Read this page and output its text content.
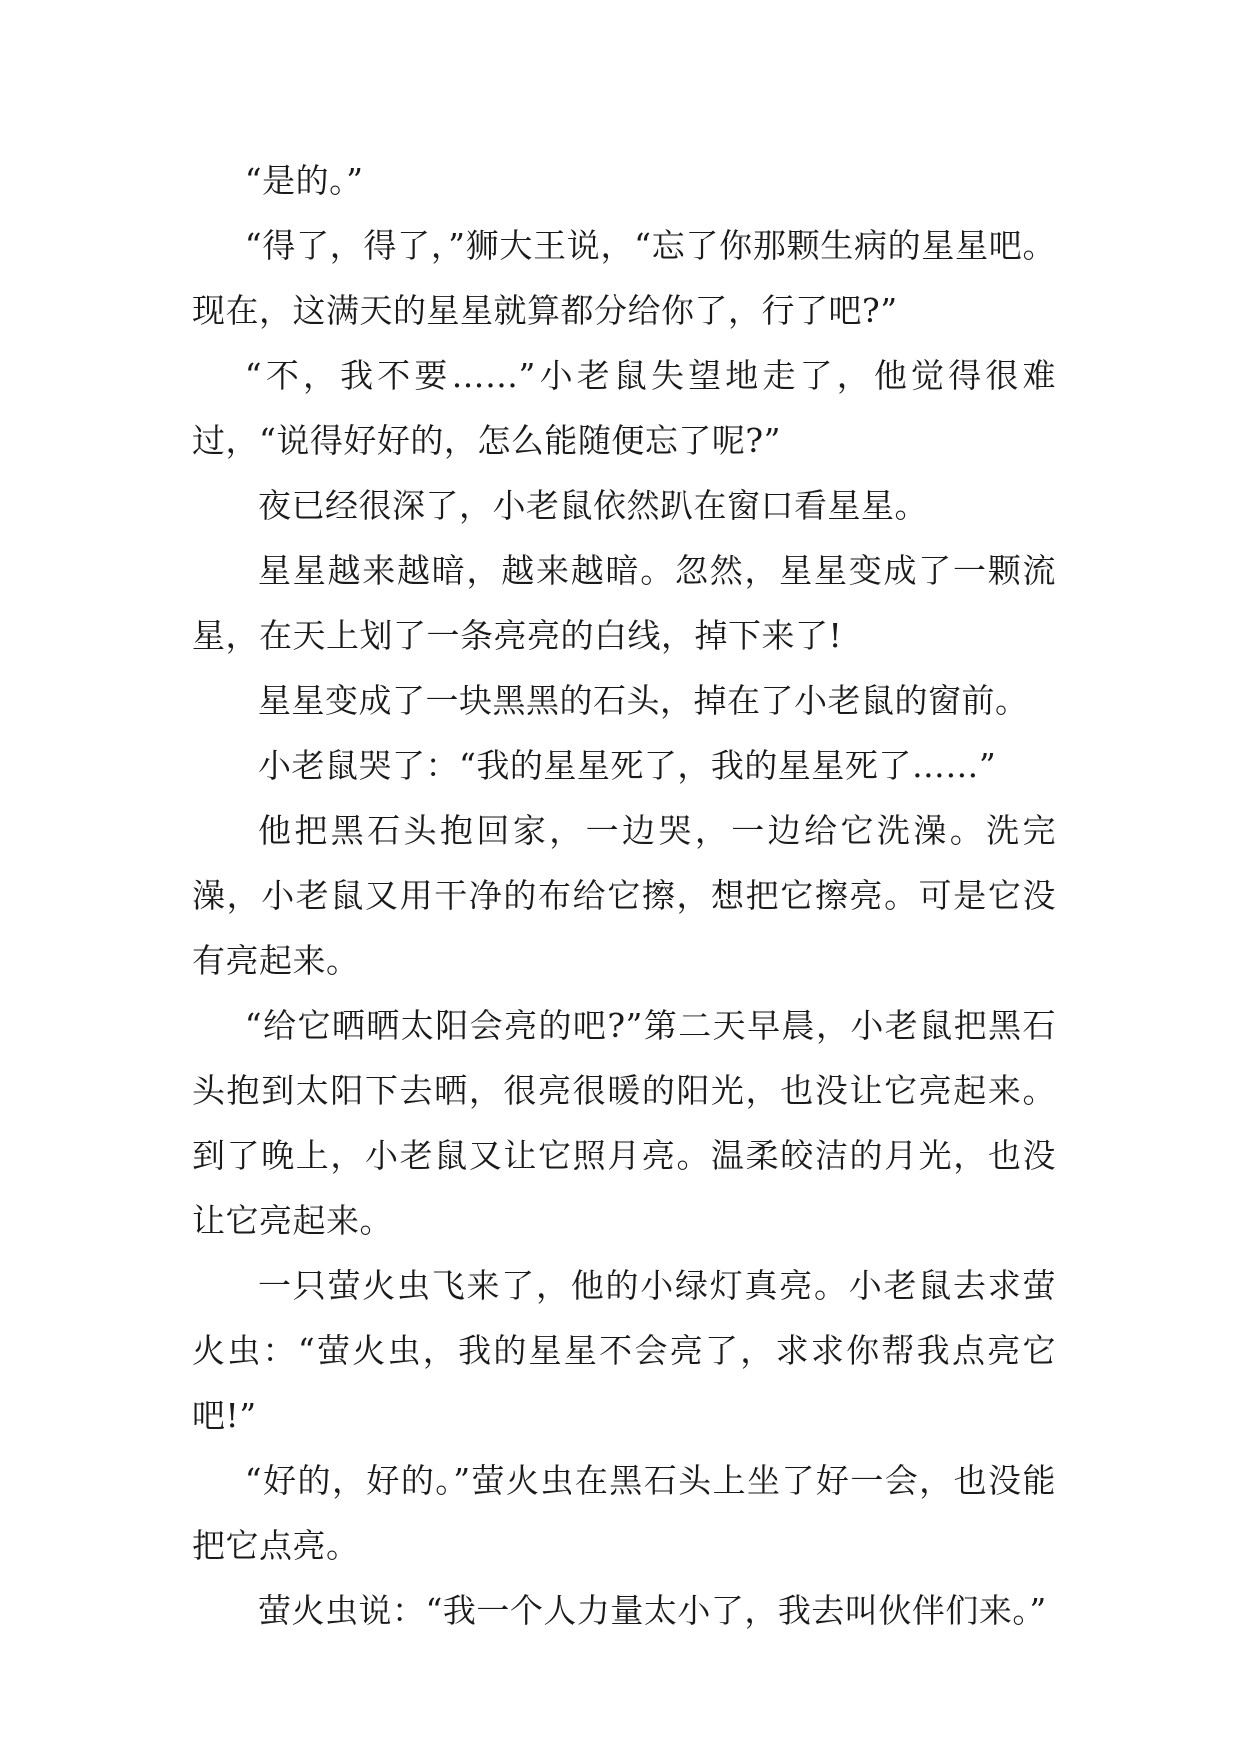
“是的。”

“得了，得了，”狮大王说，“忘了你那颗生病的星星吧。现在，这满天的星星就算都分给你了，行了吧?”

“不，我不要……”小老鼠失望地走了，他觉得很难过，“说得好好的，怎么能随便忘了呢?”

夜已经很深了，小老鼠依然趴在窗口看星星。

星星越来越暗，越来越暗。忽然，星星变成了一颗流星，在天上划了一条亮亮的白线，掉下来了!

星星变成了一块黑黑的石头，掉在了小老鼠的窗前。

小老鼠哭了：“我的星星死了，我的星星死了……”

他把黑石头抱回家，一边哭，一边给它洗澡。洗完澡，小老鼠又用干净的布给它擦，想把它擦亮。可是它没有亮起来。

“给它晒晒太阳会亮的吧?”第二天早晨，小老鼠把黑石头抱到太阳下去晒，很亮很暖的阳光，也没让它亮起来。到了晚上，小老鼠又让它照月亮。温柔皎洁的月光，也没让它亮起来。

一只萤火虫飞来了，他的小绿灯真亮。小老鼠去求萤火虫：“萤火虫，我的星星不会亮了，求求你帮我点亮它吧!”

“好的，好的。”萤火虫在黑石头上坐了好一会，也没能把它点亮。

萤火虫说：“我一个人力量太小了，我去叫伙伴们来。”
